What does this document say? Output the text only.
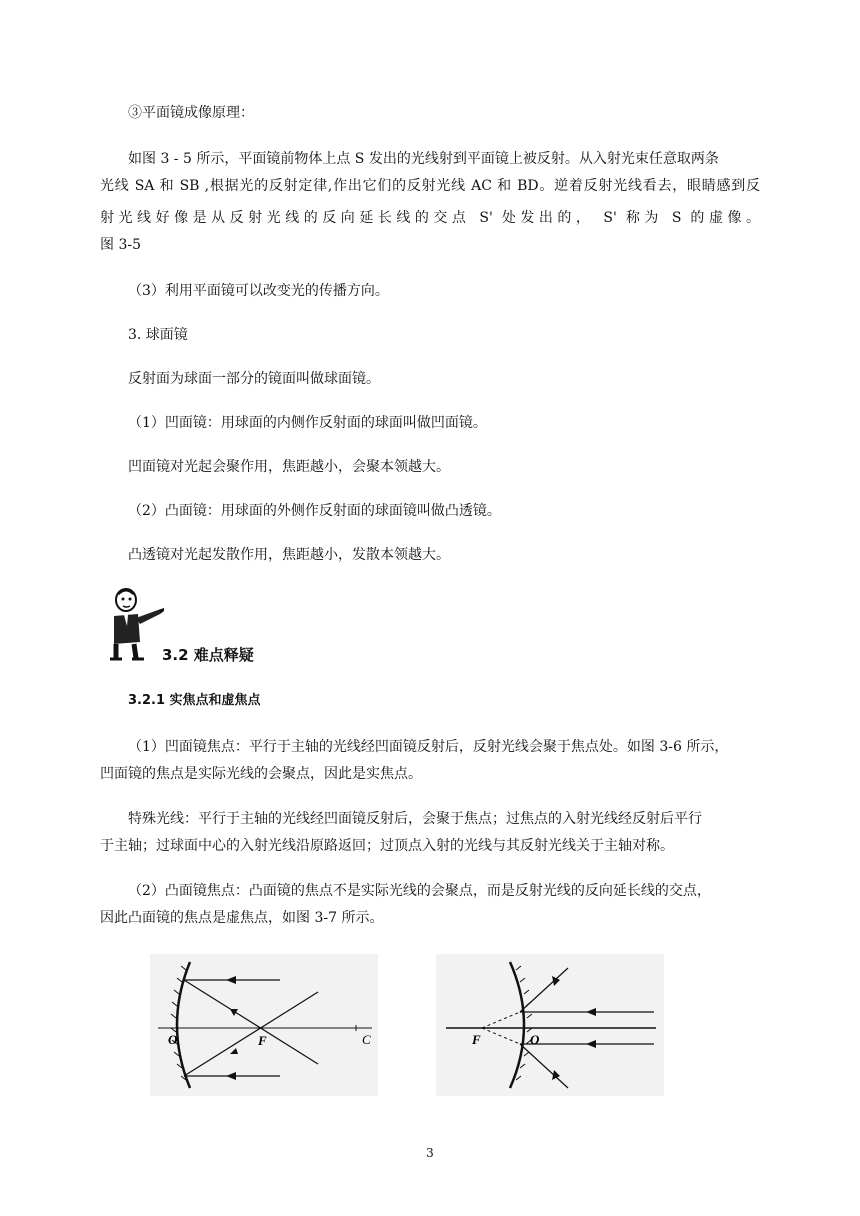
③平面镜成像原理：

如图 3 - 5 所示，平面镜前物体上点 S 发出的光线射到平面镜上被反射。从入射光束任意取两条

光线 SA 和 SB ,根据光的反射定律,作出它们的反射光线 AC 和 BD。逆着反射光线看去，眼睛感到反

射光线好像是从反射光线的反向延长线的交点 S' 处发出的， S' 称为 S 的虚像。

图 3-5

（3）利用平面镜可以改变光的传播方向。

3. 球面镜

反射面为球面一部分的镜面叫做球面镜。

（1）凹面镜：用球面的内侧作反射面的球面叫做凹面镜。

凹面镜对光起会聚作用，焦距越小，会聚本领越大。

（2）凸面镜：用球面的外侧作反射面的球面镜叫做凸透镜。

凸透镜对光起发散作用，焦距越小，发散本领越大。

3.2 难点释疑

3.2.1 实焦点和虚焦点

（1）凹面镜焦点：平行于主轴的光线经凹面镜反射后，反射光线会聚于焦点处。如图 3-6 所示，

凹面镜的焦点是实际光线的会聚点，因此是实焦点。

特殊光线：平行于主轴的光线经凹面镜反射后，会聚于焦点；过焦点的入射光线经反射后平行

于主轴；过球面中心的入射光线沿原路返回；过顶点入射的光线与其反射光线关于主轴对称。

（2）凸面镜焦点：凸面镜的焦点不是实际光线的会聚点，而是反射光线的反向延长线的交点，

因此凸面镜的焦点是虚焦点，如图 3-7 所示。

O	F	C	F	O
3
